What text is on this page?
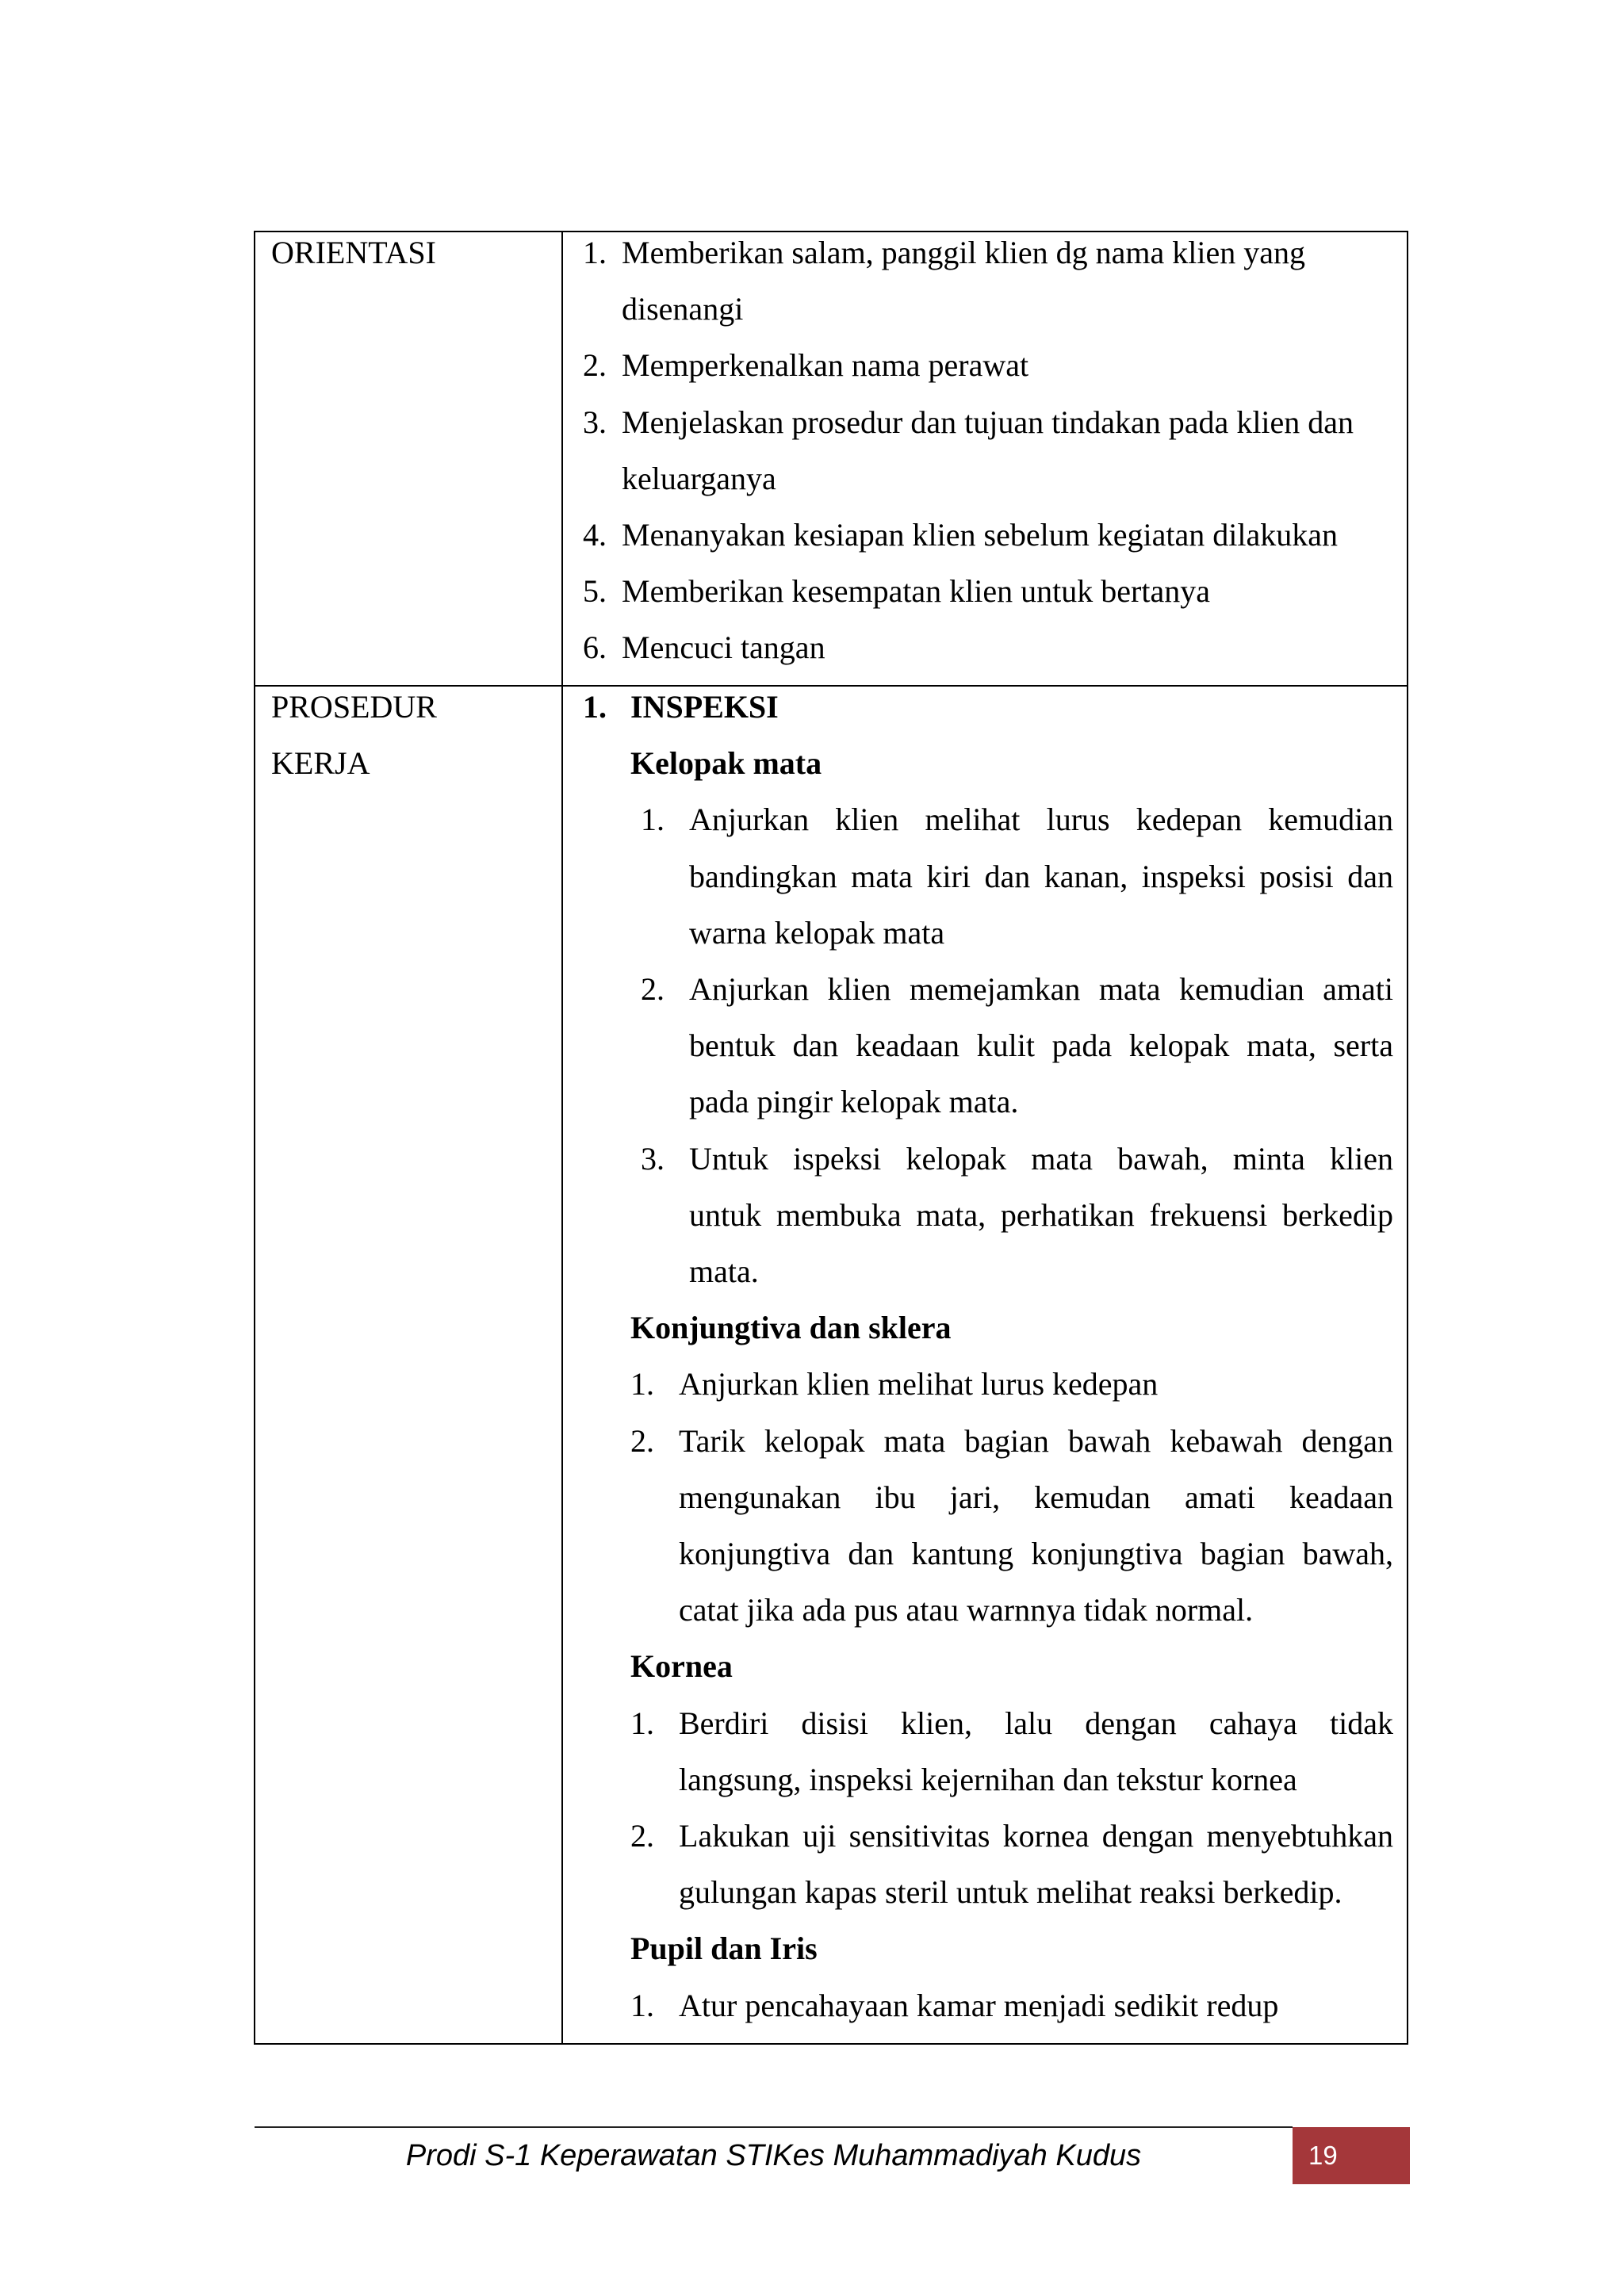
ORIENTASI	1. Memberikan salam, panggil klien dg nama klien yang
disenangi
2. Memperkenalkan nama perawat
3. Menjelaskan prosedur dan tujuan tindakan pada klien dan
keluarganya
4. Menanyakan kesiapan klien sebelum kegiatan dilakukan
5. Memberikan kesempatan klien untuk bertanya
6. Mencuci tangan
PROSEDUR
KERJA
1. INSPEKSI
Kelopak mata
1. Anjurkan klien melihat lurus kedepan kemudian
bandingkan mata kiri dan kanan, inspeksi posisi dan
warna kelopak mata
2. Anjurkan klien memejamkan mata kemudian amati
bentuk dan keadaan kulit pada kelopak mata, serta
pada pingir kelopak mata.
3. Untuk ispeksi kelopak mata bawah, minta klien
untuk membuka mata, perhatikan frekuensi berkedip
mata.
Konjungtiva dan sklera
1. Anjurkan klien melihat lurus kedepan
2. Tarik kelopak mata bagian bawah kebawah dengan
mengunakan ibu jari, kemudan amati keadaan
konjungtiva dan kantung konjungtiva bagian bawah,
catat jika ada pus atau warnnya tidak normal.
Kornea
1. Berdiri disisi klien, lalu dengan cahaya tidak
langsung, inspeksi kejernihan dan tekstur kornea
2. Lakukan uji sensitivitas kornea dengan menyebtuhkan
gulungan kapas steril untuk melihat reaksi berkedip.
Pupil dan Iris
1. Atur pencahayaan kamar menjadi sedikit redup
Prodi S-1 Keperawatan STIKes Muhammadiyah Kudus	19
